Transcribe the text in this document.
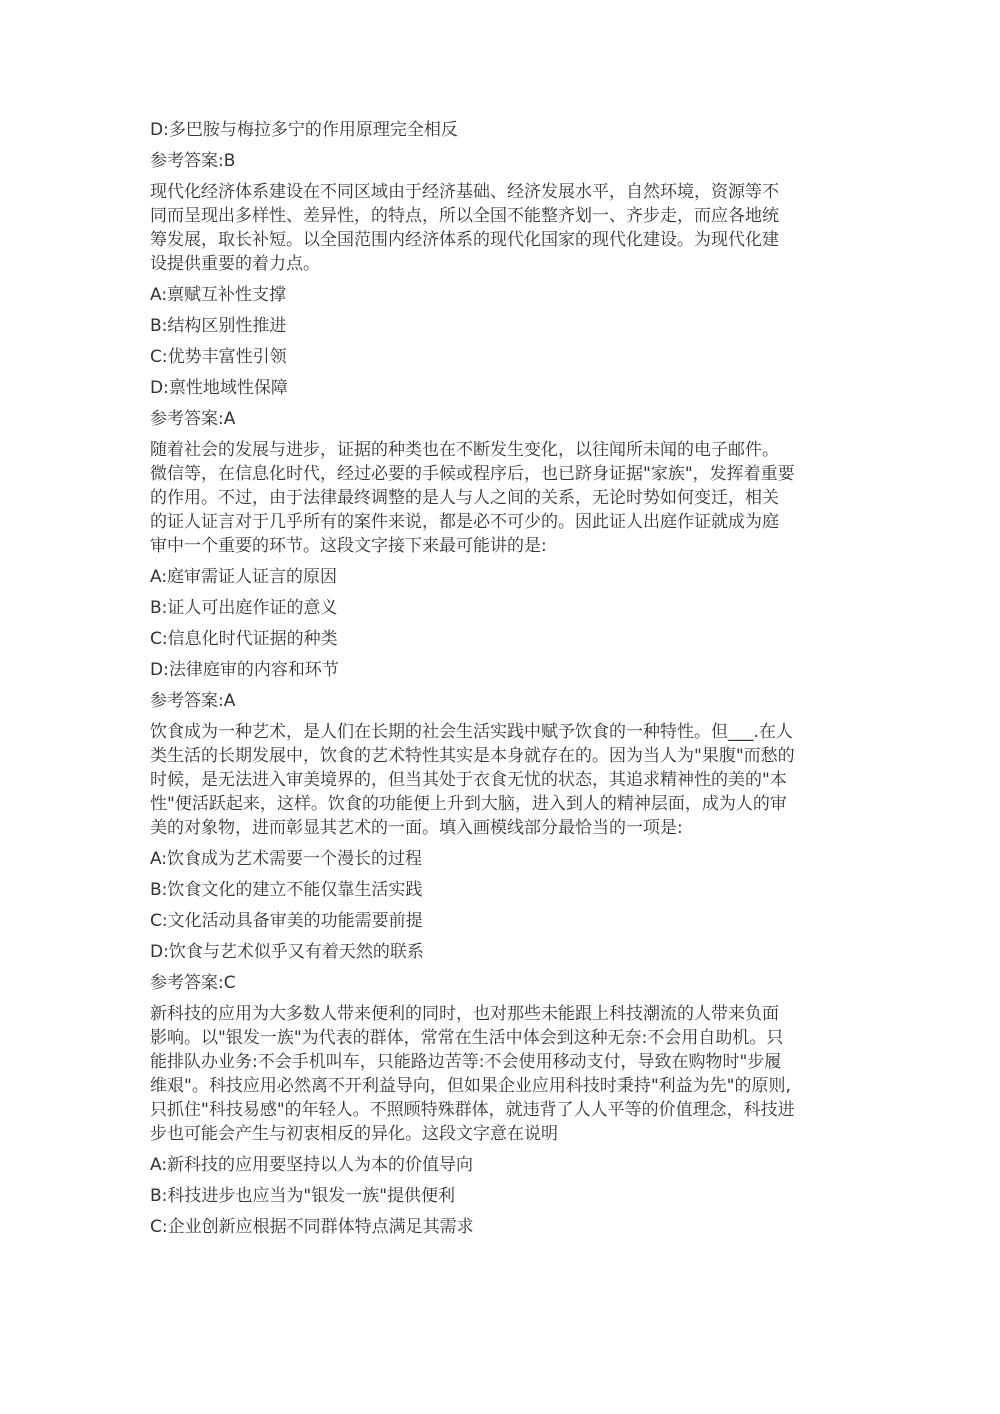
D:多巴胺与梅拉多宁的作用原理完全相反
参考答案:B
现代化经济体系建设在不同区域由于经济基础、经济发展水平，自然环境，资源等不
同而呈现出多样性、差异性，的特点，所以全国不能整齐划一、齐步走，而应各地统
筹发展，取长补短。以全国范围内经济体系的现代化国家的现代化建设。为现代化建
设提供重要的着力点。
A:禀赋互补性支撑
B:结构区别性推进
C:优势丰富性引领
D:禀性地域性保障
参考答案:A
随着社会的发展与进步，证据的种类也在不断发生变化，以往闻所未闻的电子邮件。
微信等，在信息化时代，经过必要的手候或程序后，也已跻身证据"家族"，发挥着重要
的作用。不过，由于法律最终调整的是人与人之间的关系，无论时势如何变迁，相关
的证人证言对于几乎所有的案件来说，都是必不可少的。因此证人出庭作证就成为庭
审中一个重要的环节。这段文字接下来最可能讲的是:
A:庭审需证人证言的原因
B:证人可出庭作证的意义
C:信息化时代证据的种类
D:法律庭审的内容和环节
参考答案:A
饮食成为一种艺术，是人们在长期的社会生活实践中赋予饮食的一种特性。但___.在人
类生活的长期发展中，饮食的艺术特性其实是本身就存在的。因为当人为"果腹"而愁的
时候，是无法进入审美境界的，但当其处于衣食无忧的状态，其追求精神性的美的"本
性"便活跃起来，这样。饮食的功能便上升到大脑，进入到人的精神层面，成为人的审
美的对象物，进而彰显其艺术的一面。填入画模线部分最恰当的一项是:
A:饮食成为艺术需要一个漫长的过程
B:饮食文化的建立不能仅靠生活实践
C:文化活动具备审美的功能需要前提
D:饮食与艺术似乎又有着天然的联系
参考答案:C
新科技的应用为大多数人带来便利的同时，也对那些未能跟上科技潮流的人带来负面
影响。以"银发一族"为代表的群体，常常在生活中体会到这种无奈:不会用自助机。只
能排队办业务:不会手机叫车，只能路边苦等:不会使用移动支付，导致在购物时"步履
维艰"。科技应用必然离不开利益导向，但如果企业应用科技时秉持"利益为先"的原则,
只抓住"科技易感"的年轻人。不照顾特殊群体，就违背了人人平等的价值理念，科技进
步也可能会产生与初衷相反的异化。这段文字意在说明
A:新科技的应用要坚持以人为本的价值导向
B:科技进步也应当为"银发一族"提供便利
C:企业创新应根据不同群体特点满足其需求
